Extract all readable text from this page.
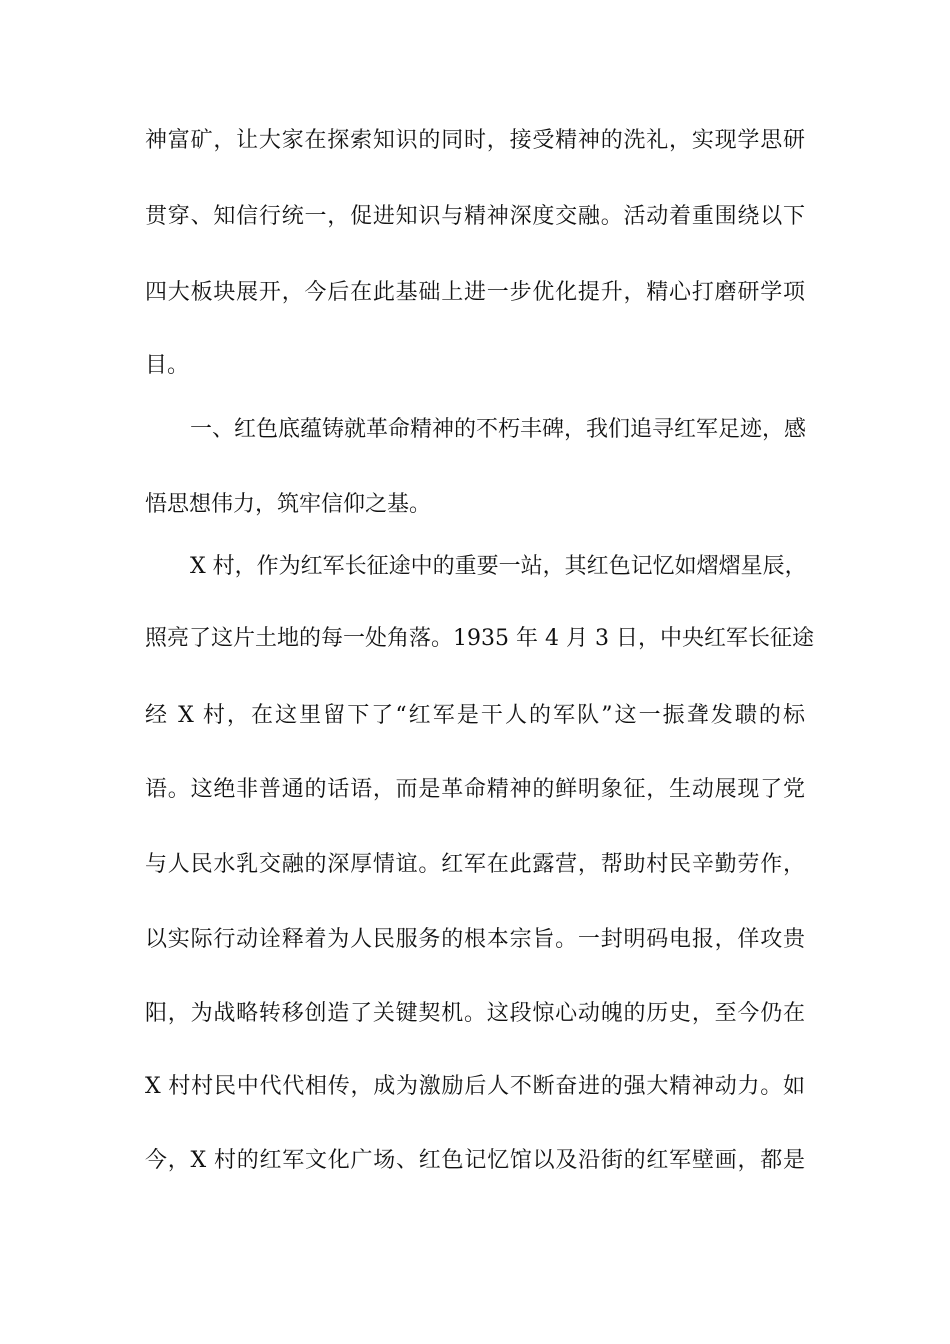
神富矿，让大家在探索知识的同时，接受精神的洗礼，实现学思研
贯穿、知信行统一，促进知识与精神深度交融。活动着重围绕以下
四大板块展开，今后在此基础上进一步优化提升，精心打磨研学项
目。
一、红色底蕴铸就革命精神的不朽丰碑，我们追寻红军足迹，感
悟思想伟力，筑牢信仰之基。
X 村，作为红军长征途中的重要一站，其红色记忆如熠熠星辰，
照亮了这片土地的每一处角落。1935 年 4 月 3 日，中央红军长征途
经 X 村，在这里留下了“红军是干人的军队”这一振聋发聩的标
语。这绝非普通的话语，而是革命精神的鲜明象征，生动展现了党
与人民水乳交融的深厚情谊。红军在此露营，帮助村民辛勤劳作，
以实际行动诠释着为人民服务的根本宗旨。一封明码电报，佯攻贵
阳，为战略转移创造了关键契机。这段惊心动魄的历史，至今仍在
X 村村民中代代相传，成为激励后人不断奋进的强大精神动力。如
今，X 村的红军文化广场、红色记忆馆以及沿街的红军壁画，都是
